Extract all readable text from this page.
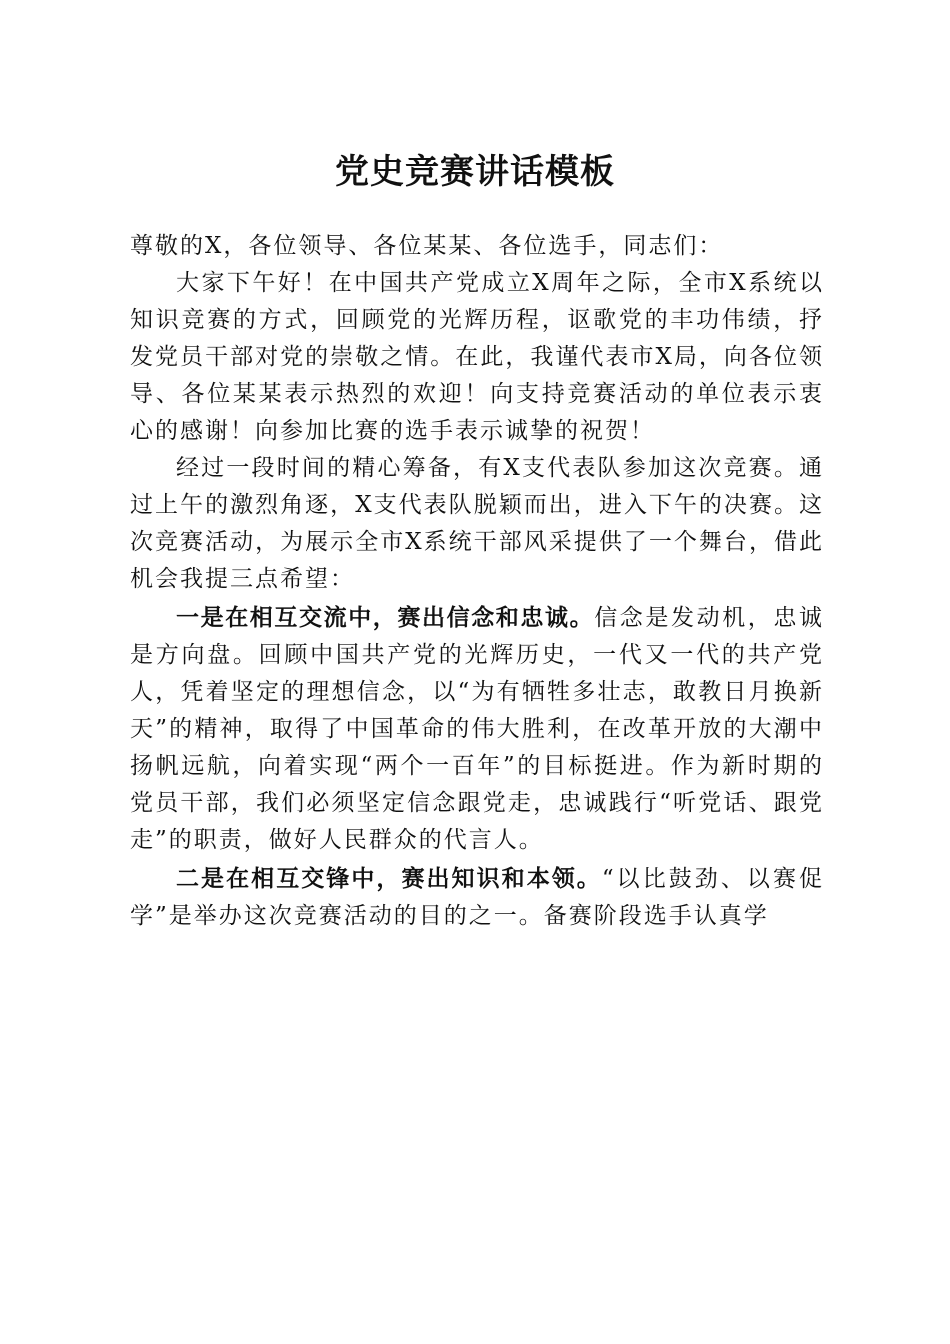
党史竞赛讲话模板

尊敬的X，各位领导、各位某某、各位选手，同志们：

大家下午好！在中国共产党成立X周年之际，全市X系统以知识竞赛的方式，回顾党的光辉历程，讴歌党的丰功伟绩，抒发党员干部对党的崇敬之情。在此，我谨代表市X局，向各位领导、各位某某表示热烈的欢迎！向支持竞赛活动的单位表示衷心的感谢！向参加比赛的选手表示诚挚的祝贺！

经过一段时间的精心筹备，有X支代表队参加这次竞赛。通过上午的激烈角逐，X支代表队脱颖而出，进入下午的决赛。这次竞赛活动，为展示全市X系统干部风采提供了一个舞台，借此机会我提三点希望：

一是在相互交流中，赛出信念和忠诚。信念是发动机，忠诚是方向盘。回顾中国共产党的光辉历史，一代又一代的共产党人，凭着坚定的理想信念，以“为有牺牲多壮志，敢教日月换新天”的精神，取得了中国革命的伟大胜利，在改革开放的大潮中扬帆远航，向着实现“两个一百年”的目标挺进。作为新时期的党员干部，我们必须坚定信念跟党走，忠诚践行“听党话、跟党走”的职责，做好人民群众的代言人。

二是在相互交锋中，赛出知识和本领。“以比鼓劲、以赛促学”是举办这次竞赛活动的目的之一。备赛阶段选手认真学
